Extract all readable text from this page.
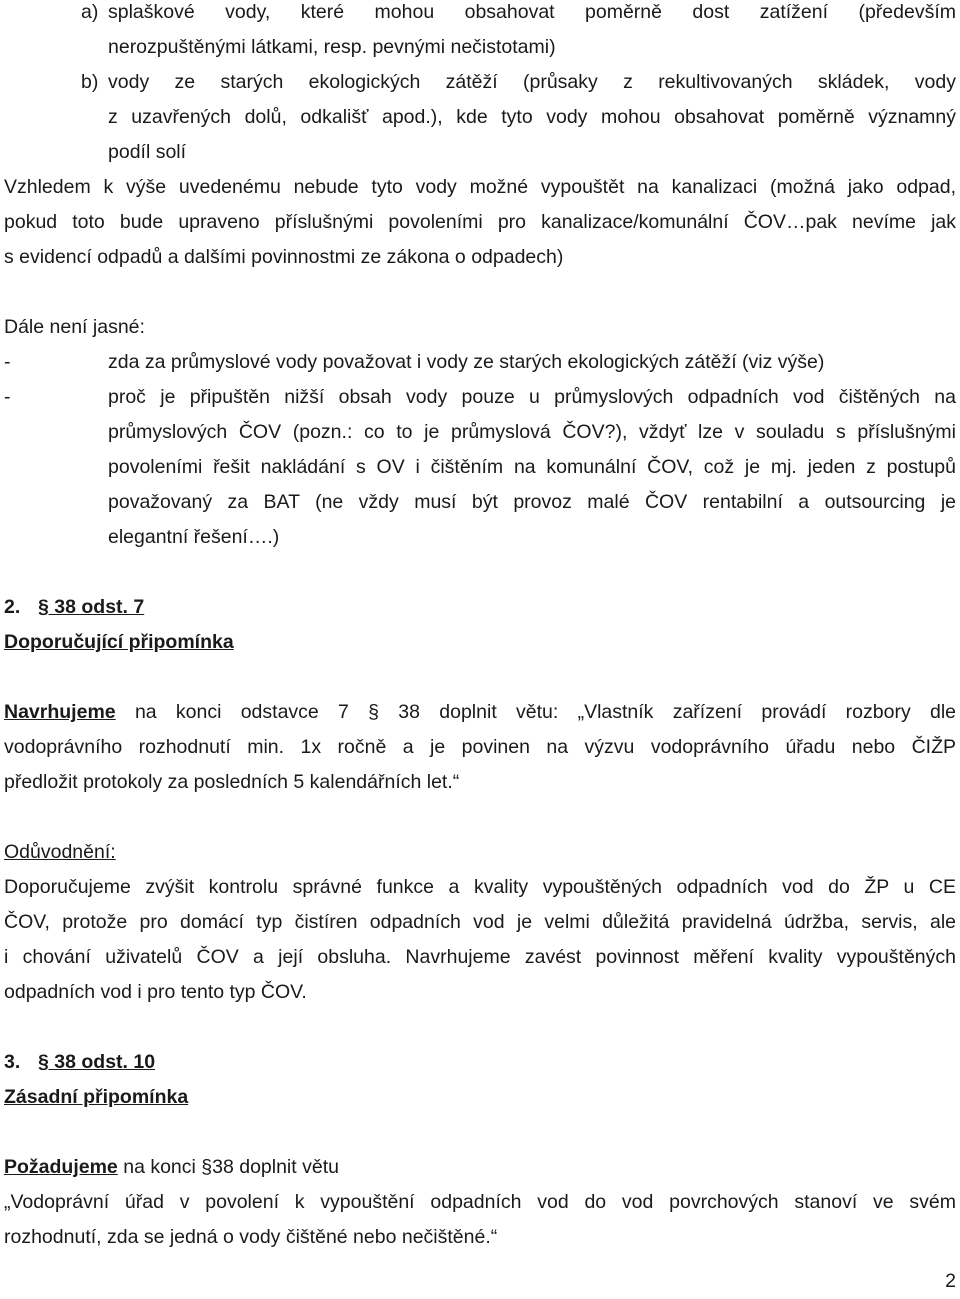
a) splaškové vody, které mohou obsahovat poměrně dost zatížení (především

nerozpuštěnými látkami, resp. pevnými nečistotami)

b) vody ze starých ekologických zátěží (průsaky z rekultivovaných skládek, vody

z uzavřených dolů, odkališť apod.), kde tyto vody mohou obsahovat poměrně významný

podíl solí

Vzhledem k výše uvedenému nebude tyto vody možné vypouštět na kanalizaci (možná jako odpad,

pokud toto bude upraveno příslušnými povoleními pro kanalizace/komunální ČOV…pak nevíme jak

s evidencí odpadů a dalšími povinnostmi ze zákona o odpadech)

Dále není jasné:

-	zda za průmyslové vody považovat i vody ze starých ekologických zátěží (viz výše)

-	proč je připuštěn nižší obsah vody pouze u průmyslových odpadních vod čištěných na

průmyslových ČOV (pozn.: co to je průmyslová ČOV?), vždyť lze v souladu s příslušnými

povoleními řešit nakládání s OV i čištěním na komunální ČOV, což je mj. jeden z postupů

považovaný za BAT (ne vždy musí být provoz malé ČOV rentabilní a outsourcing je

elegantní řešení….)

2. § 38 odst. 7

Doporučující připomínka

Navrhujeme na konci odstavce 7 § 38 doplnit větu: „Vlastník zařízení provádí rozbory dle

vodoprávního rozhodnutí min. 1x ročně a je povinen na výzvu vodoprávního úřadu nebo ČIŽP

předložit protokoly za posledních 5 kalendářních let.“

Odůvodnění:

Doporučujeme zvýšit kontrolu správné funkce a kvality vypouštěných odpadních vod do ŽP u CE

ČOV, protože pro domácí typ čistíren odpadních vod je velmi důležitá pravidelná údržba, servis, ale

i chování uživatelů ČOV a její obsluha. Navrhujeme zavést povinnost měření kvality vypouštěných

odpadních vod i pro tento typ ČOV.

3. § 38 odst. 10

Zásadní připomínka

Požadujeme na konci §38 doplnit větu

„Vodoprávní úřad v povolení k vypouštění odpadních vod do vod povrchových stanoví ve svém

rozhodnutí, zda se jedná o vody čištěné nebo nečištěné.“

2
